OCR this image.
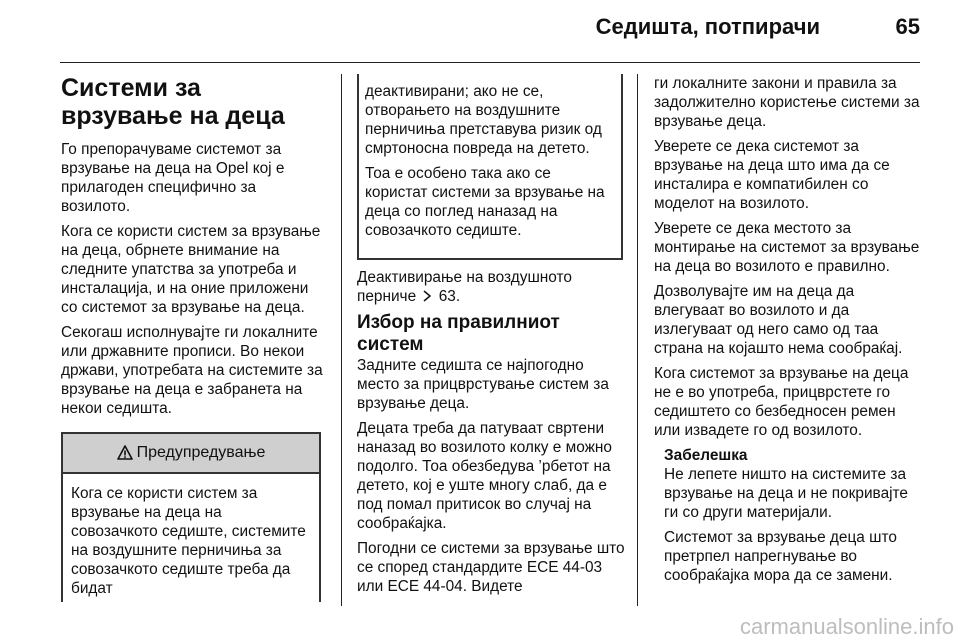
Седишта, потпирачи	65
Системи за врзување на деца

Го препорачуваме системот за врзување на деца на Opel кој е прилагоден специфично за возилото.

Кога се користи систем за врзување на деца, обрнете внимание на следните упатства за употреба и инсталација, и на оние приложени со системот за врзување на деца.

Секогаш исполнувајте ги локалните или државните прописи. Во некои држави, употребата на системите за врзување на деца е забранета на некои седишта.

Предупредување
Кога се користи систем за врзување на деца на совозачкото седиште, системите на воздушните перничиња за совозачкото седиште треба да бидат

деактивирани; ако не се, отворањето на воздушните перничиња претставува ризик од смртоносна повреда на детето.

Тоа е особено така ако се користат системи за врзување на деца со поглед наназад на совозачкото седиште.

Деактивирање на воздушното перниче 63.

Избор на правилниот систем

Задните седишта се најпогодно место за прицврстување систем за врзување деца.

Децата треба да патуваат свртени наназад во возилото колку е можно подолго. Тоа обезбедува ’рбетот на детето, кој е уште многу слаб, да е под помал притисок во случај на сообраќајка.

Погодни се системи за врзување што се според стандардите ECE 44-03 или ECE 44-04. Видете

ги локалните закони и правила за задолжително користење системи за врзување деца.

Уверете се дека системот за врзување на деца што има да се инсталира е компатибилен со моделот на возилото.

Уверете се дека местото за монтирање на системот за врзување на деца во возилото е правилно.

Дозволувајте им на деца да влегуваат во возилото и да излегуваат од него само од таа страна на којашто нема сообраќај.

Кога системот за врзување на деца не е во употреба, прицврстете го седиштето со безбедносен ремен или извадете го од возилото.

Забелешка

Не лепете ништо на системите за врзување на деца и не покривајте ги со други материјали.

Системот за врзување деца што претрпел напрегнување во сообраќајка мора да се замени.

carmanualsonline.info
